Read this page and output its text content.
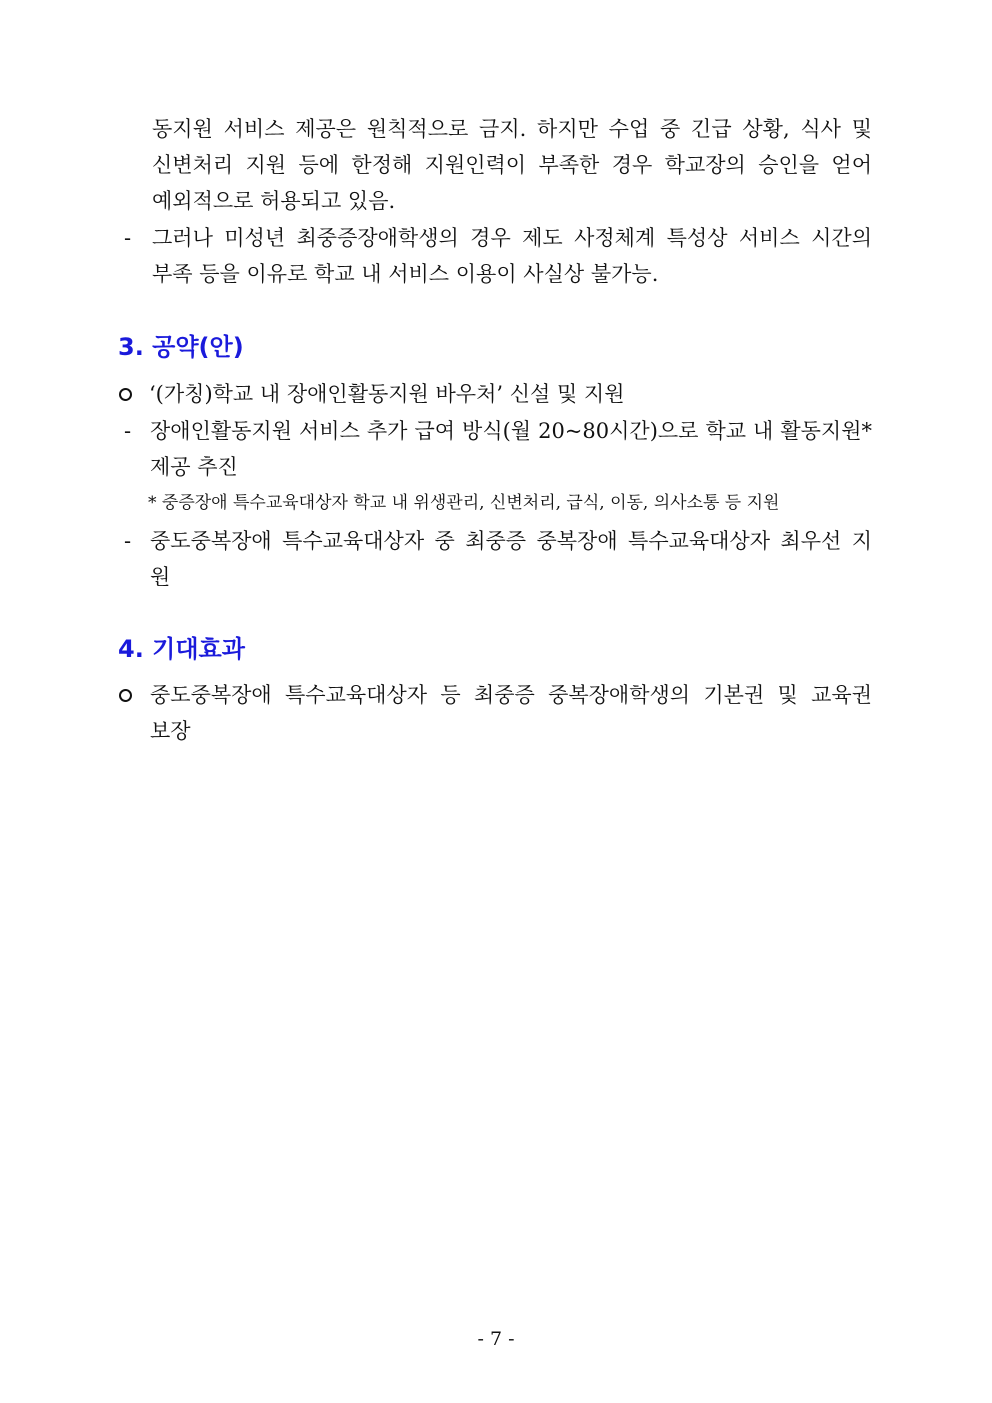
동지원 서비스 제공은 원칙적으로 금지. 하지만 수업 중 긴급 상황, 식사 및
신변처리 지원 등에 한정해 지원인력이 부족한 경우 학교장의 승인을 얻어
예외적으로 허용되고 있음.
- 그러나 미성년 최중증장애학생의 경우 제도 사정체계 특성상 서비스 시간의
부족 등을 이유로 학교 내 서비스 이용이 사실상 불가능.
3. 공약(안)
‘(가칭)학교 내 장애인활동지원 바우처’ 신설 및 지원
- 장애인활동지원 서비스 추가 급여 방식(월 20~80시간)으로 학교 내 활동지원*
제공 추진
* 중증장애 특수교육대상자 학교 내 위생관리, 신변처리, 급식, 이동, 의사소통 등 지원
- 중도중복장애 특수교육대상자 중 최중증 중복장애 특수교육대상자 최우선 지
원
4. 기대효과
중도중복장애 특수교육대상자 등 최중증 중복장애학생의 기본권 및 교육권
보장
- 7 -
